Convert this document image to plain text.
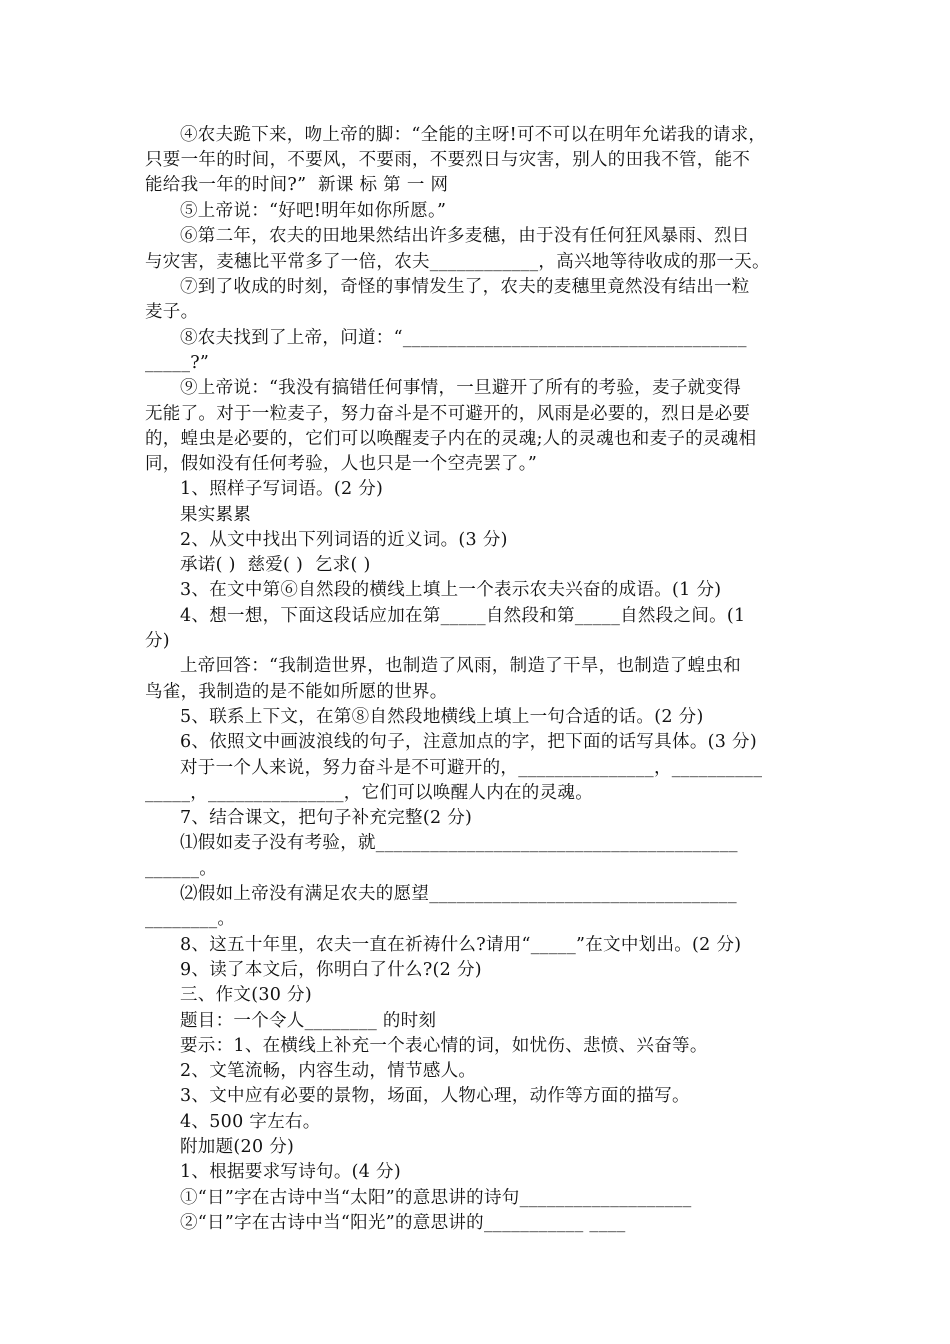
④农夫跪下来，吻上帝的脚：“全能的主呀!可不可以在明年允诺我的请求，
只要一年的时间，不要风，不要雨，不要烈日与灾害，别人的田我不管，能不
能给我一年的时间?”  新课 标 第 一 网
⑤上帝说：“好吧!明年如你所愿。”
⑥第二年，农夫的田地果然结出许多麦穗，由于没有任何狂风暴雨、烈日
与灾害，麦穗比平常多了一倍，农夫____________，高兴地等待收成的那一天。
⑦到了收成的时刻，奇怪的事情发生了，农夫的麦穗里竟然没有结出一粒
麦子。
⑧农夫找到了上帝，问道：“______________________________________
_____?”
⑨上帝说：“我没有搞错任何事情，一旦避开了所有的考验，麦子就变得
无能了。对于一粒麦子，努力奋斗是不可避开的，风雨是必要的，烈日是必要
的，蝗虫是必要的，它们可以唤醒麦子内在的灵魂;人的灵魂也和麦子的灵魂相
同，假如没有任何考验，人也只是一个空壳罢了。”
1、照样子写词语。(2 分)
果实累累
2、从文中找出下列词语的近义词。(3 分)
承诺( )  慈爱( )  乞求( )
3、在文中第⑥自然段的横线上填上一个表示农夫兴奋的成语。(1 分)
4、想一想，下面这段话应加在第_____自然段和第_____自然段之间。(1
分)
上帝回答：“我制造世界，也制造了风雨，制造了干旱，也制造了蝗虫和
鸟雀，我制造的是不能如所愿的世界。
5、联系上下文，在第⑧自然段地横线上填上一句合适的话。(2 分)
6、依照文中画波浪线的句子，注意加点的字，把下面的话写具体。(3 分)
对于一个人来说，努力奋斗是不可避开的，_______________，__________
_____，_______________，它们可以唤醒人内在的灵魂。
7、结合课文，把句子补充完整(2 分)
⑴假如麦子没有考验，就________________________________________
______。
⑵假如上帝没有满足农夫的愿望__________________________________
________。
8、这五十年里，农夫一直在祈祷什么?请用“_____”在文中划出。(2 分)
9、读了本文后，你明白了什么?(2 分)
三、作文(30 分)
题目：一个令人________ 的时刻
要示：1、在横线上补充一个表心情的词，如忧伤、悲愤、兴奋等。
2、文笔流畅，内容生动，情节感人。
3、文中应有必要的景物，场面，人物心理，动作等方面的描写。
4、500 字左右。
附加题(20 分)
1、根据要求写诗句。(4 分)
①“日”字在古诗中当“太阳”的意思讲的诗句___________________
②“日”字在古诗中当“阳光”的意思讲的___________ ____
